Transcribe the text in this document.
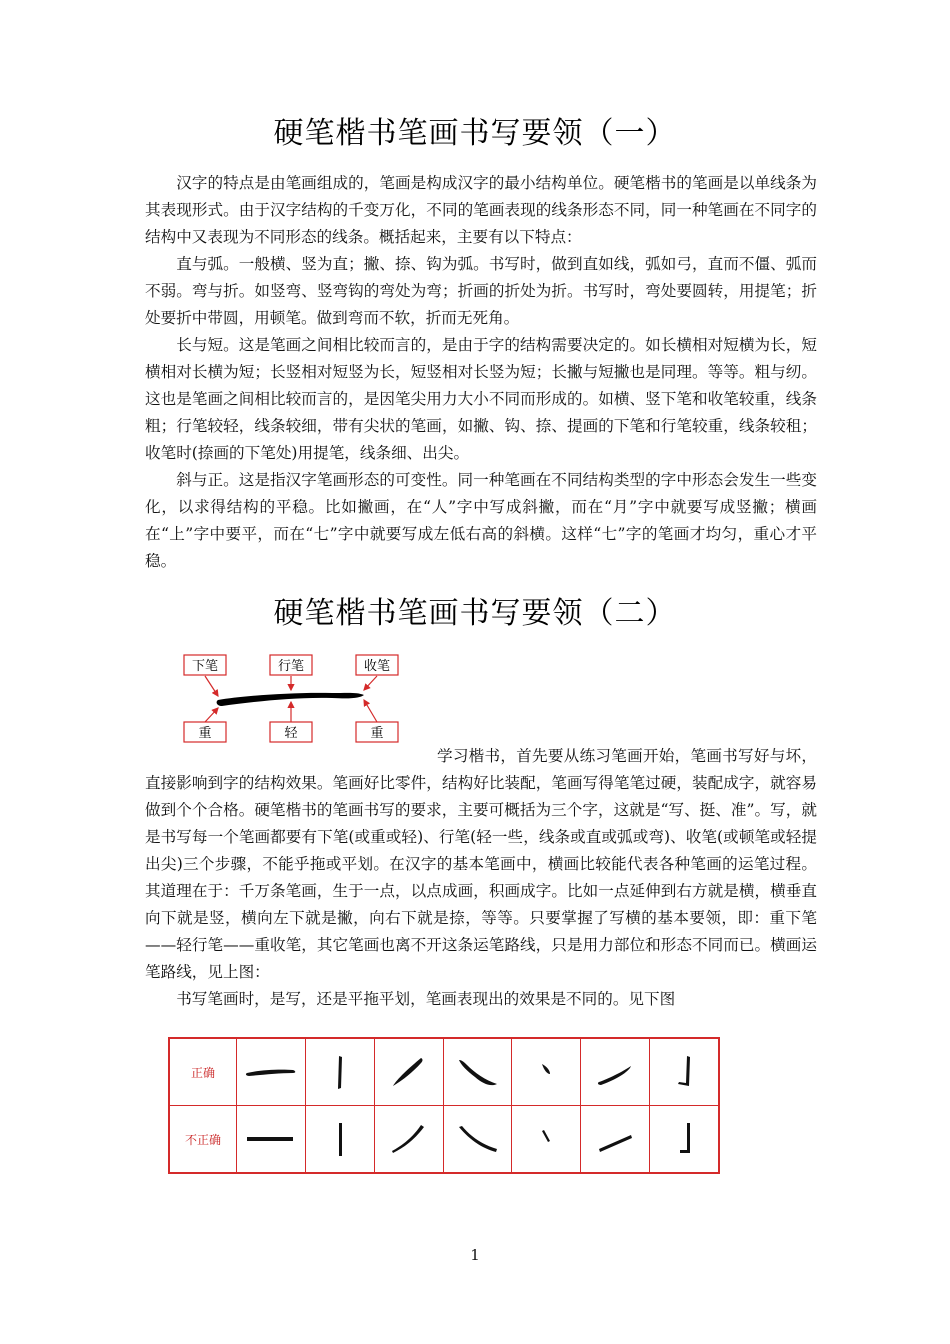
硬笔楷书笔画书写要领（一）

汉字的特点是由笔画组成的，笔画是构成汉字的最小结构单位。硬笔楷书的笔画是以单线条为其表现形式。由于汉字结构的千变万化，不同的笔画表现的线条形态不同，同一种笔画在不同字的结构中又表现为不同形态的线条。概括起来，主要有以下特点：

直与弧。一般横、竖为直；撇、捺、钩为弧。书写时，做到直如线，弧如弓，直而不僵、弧而不弱。弯与折。如竖弯、竖弯钩的弯处为弯；折画的折处为折。书写时，弯处要圆转，用提笔；折处要折中带圆，用顿笔。做到弯而不软，折而无死角。

长与短。这是笔画之间相比较而言的，是由于字的结构需要决定的。如长横相对短横为长，短横相对长横为短；长竖相对短竖为长，短竖相对长竖为短；长撇与短撇也是同理。等等。粗与纫。这也是笔画之间相比较而言的，是因笔尖用力大小不同而形成的。如横、竖下笔和收笔较重，线条粗；行笔较轻，线条较细，带有尖状的笔画，如撇、钩、捺、提画的下笔和行笔较重，线条较租；收笔时(捺画的下笔处)用提笔，线条细、出尖。

斜与正。这是指汉字笔画形态的可变性。同一种笔画在不同结构类型的字中形态会发生一些变化，以求得结构的平稳。比如撇画，在“人”字中写成斜撇，而在“月”字中就要写成竖撇；横画在“上”字中要平，而在“七”字中就要写成左低右高的斜横。这样“七”字的笔画才均匀，重心才平稳。

硬笔楷书笔画书写要领（二）
下笔	行笔	收笔
重	轻	重

学习楷书，首先要从练习笔画开始，笔画书写好与坏，直接影响到字的结构效果。笔画好比零件，结构好比装配，笔画写得笔笔过硬，装配成字，就容易做到个个合格。硬笔楷书的笔画书写的要求，主要可概括为三个字，这就是“写、挺、准”。写，就是书写每一个笔画都要有下笔(或重或轻)、行笔(轻一些，线条或直或弧或弯)、收笔(或顿笔或轻提出尖)三个步骤，不能乎拖或平划。在汉字的基本笔画中，横画比较能代表各种笔画的运笔过程。其道理在于：千万条笔画，生于一点，以点成画，积画成字。比如一点延伸到右方就是横，横垂直向下就是竖，横向左下就是撇，向右下就是捺，等等。只要掌握了写横的基本要领，即：重下笔——轻行笔——重收笔，其它笔画也离不开这条运笔路线，只是用力部位和形态不同而已。横画运笔路线，见上图：

书写笔画时，是写，还是平拖平划，笔画表现出的效果是不同的。见下图

正确	

不正确	

1
